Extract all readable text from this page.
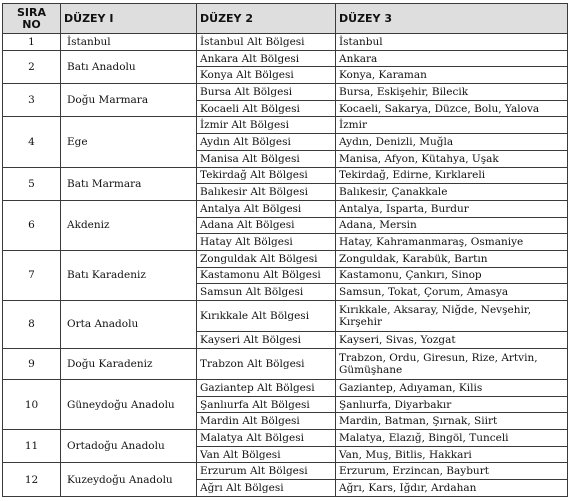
SIRA NO	DÜZEY I	DÜZEY 2	DÜZEY 3
1	İstanbul	İstanbul Alt Bölgesi	İstanbul
2	Batı Anadolu	Ankara Alt Bölgesi	Ankara
		Konya Alt Bölgesi	Konya, Karaman
3	Doğu Marmara	Bursa Alt Bölgesi	Bursa, Eskişehir, Bilecik
		Kocaeli Alt Bölgesi	Kocaeli, Sakarya, Düzce, Bolu, Yalova
4	Ege	İzmir Alt Bölgesi	İzmir
		Aydın Alt Bölgesi	Aydın, Denizli, Muğla
		Manisa Alt Bölgesi	Manisa, Afyon, Kütahya, Uşak
5	Batı Marmara	Tekirdağ Alt Bölgesi	Tekirdağ, Edirne, Kırklareli
		Balıkesir Alt Bölgesi	Balıkesir, Çanakkale
6	Akdeniz	Antalya Alt Bölgesi	Antalya, Isparta, Burdur
		Adana Alt Bölgesi	Adana, Mersin
		Hatay Alt Bölgesi	Hatay, Kahramanmaraş, Osmaniye
7	Batı Karadeniz	Zonguldak Alt Bölgesi	Zonguldak, Karabük, Bartın
		Kastamonu Alt Bölgesi	Kastamonu, Çankırı, Sinop
		Samsun Alt Bölgesi	Samsun, Tokat, Çorum, Amasya
8	Orta Anadolu	Kırıkkale Alt Bölgesi	Kırıkkale, Aksaray, Niğde, Nevşehir, Kırşehir
		Kayseri Alt Bölgesi	Kayseri, Sivas, Yozgat
9	Doğu Karadeniz	Trabzon Alt Bölgesi	Trabzon, Ordu, Giresun, Rize, Artvin, Gümüşhane
10	Güneydoğu Anadolu	Gaziantep Alt Bölgesi	Gaziantep, Adıyaman, Kilis
		Şanlıurfa Alt Bölgesi	Şanlıurfa, Diyarbakır
		Mardin Alt Bölgesi	Mardin, Batman, Şırnak, Siirt
11	Ortadoğu Anadolu	Malatya Alt Bölgesi	Malatya, Elazığ, Bingöl, Tunceli
		Van Alt Bölgesi	Van, Muş, Bitlis, Hakkari
12	Kuzeydoğu Anadolu	Erzurum Alt Bölgesi	Erzurum, Erzincan, Bayburt
		Ağrı Alt Bölgesi	Ağrı, Kars, Iğdır, Ardahan
